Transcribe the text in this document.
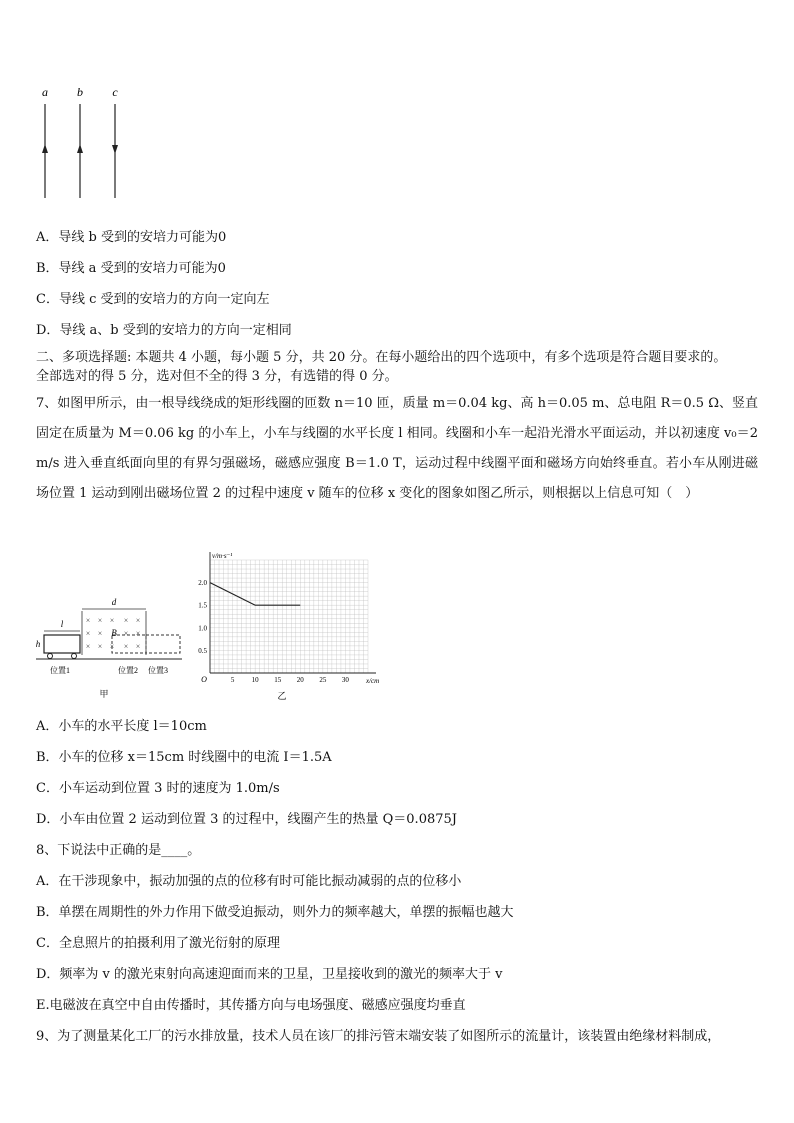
a b c
A．导线 b 受到的安培力可能为0
B．导线 a 受到的安培力可能为0
C．导线 c 受到的安培力的方向一定向左
D．导线 a、b 受到的安培力的方向一定相同
二、多项选择题: 本题共 4 小题，每小题 5 分，共 20 分。在每小题给出的四个选项中，有多个选项是符合题目要求的。
全部选对的得 5 分，选对但不全的得 3 分，有选错的得 0 分。
7、如图甲所示，由一根导线绕成的矩形线圈的匝数 n＝10 匝，质量 m＝0.04 kg、高 h＝0.05 m、总电阻 R＝0.5 Ω、竖直固定在质量为 M＝0.06 kg 的小车上，小车与线圈的水平长度 l 相同。线圈和小车一起沿光滑水平面运动，并以初速度 v₀＝2 m/s 进入垂直纸面向里的有界匀强磁场，磁感应强度 B＝1.0 T，运动过程中线圈平面和磁场方向始终垂直。若小车从刚进磁场位置 1 运动到刚出磁场位置 2 的过程中速度 v 随车的位移 x 变化的图象如图乙所示，则根据以上信息可知（　）
d
l	× × × × ×
× ×	× ×
× × × × ×
B
h
位置1	位置2 位置3
甲
5 10 15 20 25 30
0.5
1.0
1.5
2.0
v/m·s⁻¹
x/cm
O
乙
A．小车的水平长度 l＝10cm
B．小车的位移 x＝15cm 时线圈中的电流 I＝1.5A
C．小车运动到位置 3 时的速度为 1.0m/s
D．小车由位置 2 运动到位置 3 的过程中，线圈产生的热量 Q＝0.0875J
8、下说法中正确的是____。
A．在干涉现象中，振动加强的点的位移有时可能比振动减弱的点的位移小
B．单摆在周期性的外力作用下做受迫振动，则外力的频率越大，单摆的振幅也越大
C．全息照片的拍摄利用了激光衍射的原理
D．频率为 v 的激光束射向高速迎面而来的卫星，卫星接收到的激光的频率大于 v
E.电磁波在真空中自由传播时，其传播方向与电场强度、磁感应强度均垂直
9、为了测量某化工厂的污水排放量，技术人员在该厂的排污管末端安装了如图所示的流量计，该装置由绝缘材料制成，
